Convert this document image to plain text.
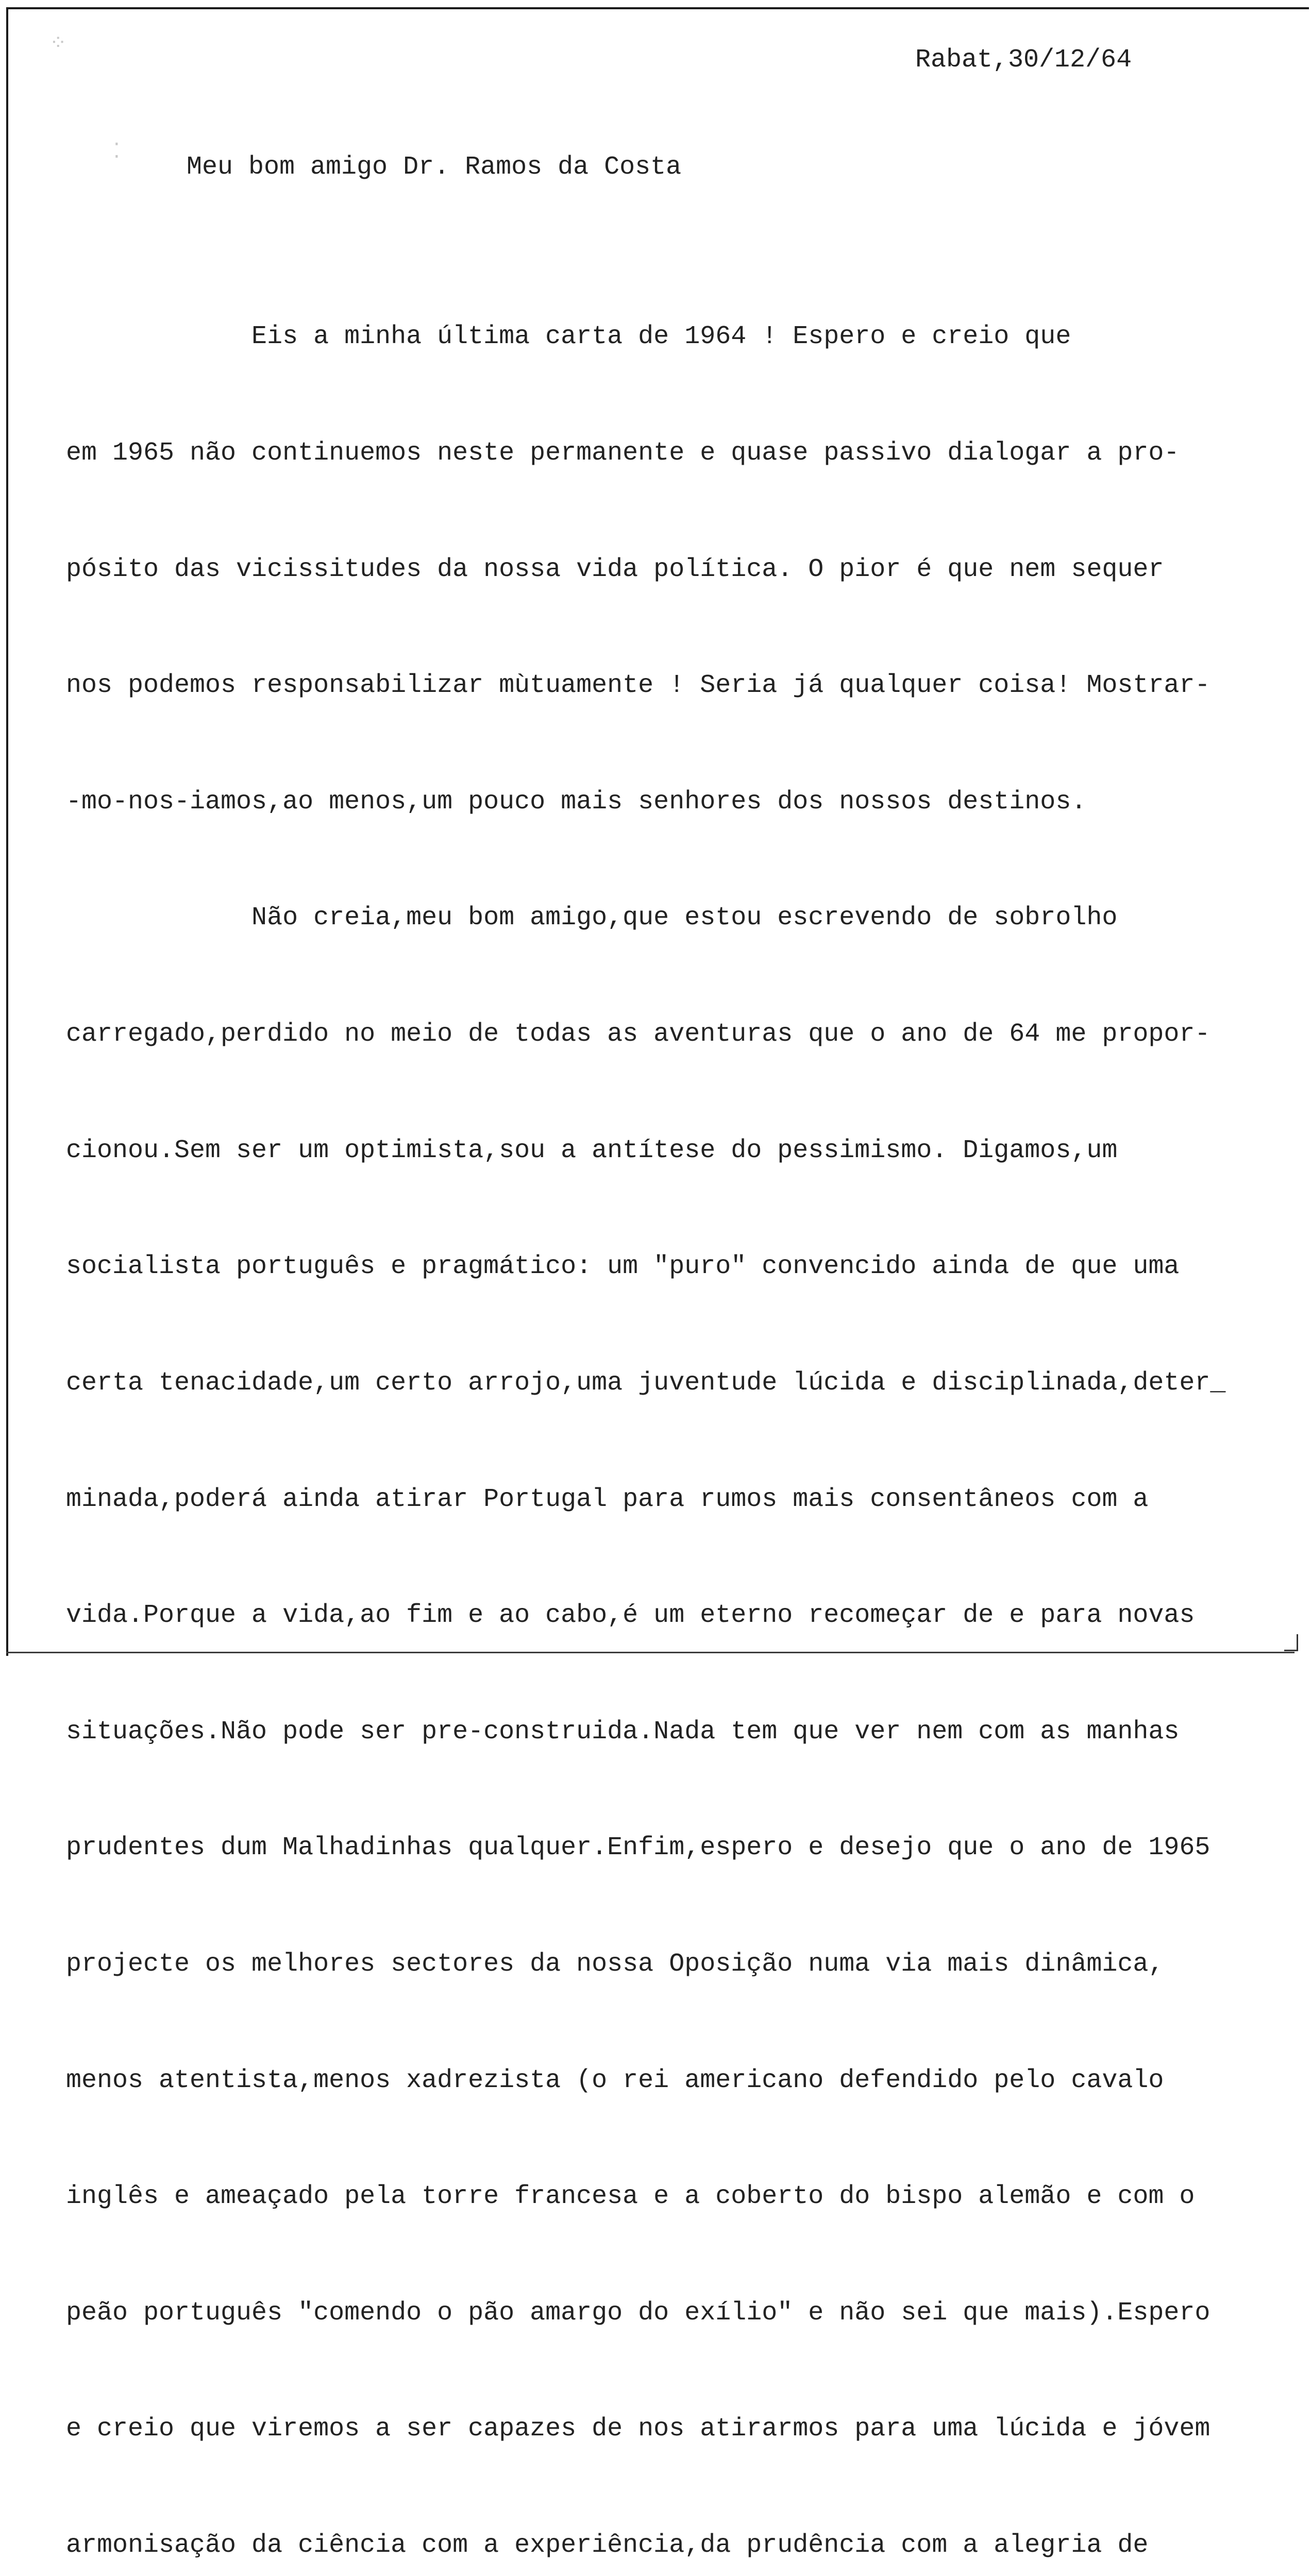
⁘
⁚
Rabat,30/12/64
Meu bom amigo Dr. Ramos da Costa

Eis a minha última carta de 1964 ! Espero e creio que

em 1965 não continuemos neste permanente e quase passivo dialogar a pro-

pósito das vicissitudes da nossa vida política. O pior é que nem sequer

nos podemos responsabilizar mùtuamente ! Seria já qualquer coisa! Mostrar-

-mo-nos-iamos,ao menos,um pouco mais senhores dos nossos destinos.

Não creia,meu bom amigo,que estou escrevendo de sobrolho

carregado,perdido no meio de todas as aventuras que o ano de 64 me propor-

cionou.Sem ser um optimista,sou a antítese do pessimismo. Digamos,um

socialista português e pragmático: um "puro" convencido ainda de que uma

certa tenacidade,um certo arrojo,uma juventude lúcida e disciplinada,deter_

minada,poderá ainda atirar Portugal para rumos mais consentâneos com a

vida.Porque a vida,ao fim e ao cabo,é um eterno recomeçar de e para novas

situações.Não pode ser pre-construida.Nada tem que ver nem com as manhas

prudentes dum Malhadinhas qualquer.Enfim,espero e desejo que o ano de 1965

projecte os melhores sectores da nossa Oposição numa via mais dinâmica,

menos atentista,menos xadrezista (o rei americano defendido pelo cavalo

inglês e ameaçado pela torre francesa e a coberto do bispo alemão e com o

peão português "comendo o pão amargo do exílio" e não sei que mais).Espero

e creio que viremos a ser capazes de nos atirarmos para uma lúcida e jóvem

armonisação da ciência com a experiência,da prudência com a alegria de
